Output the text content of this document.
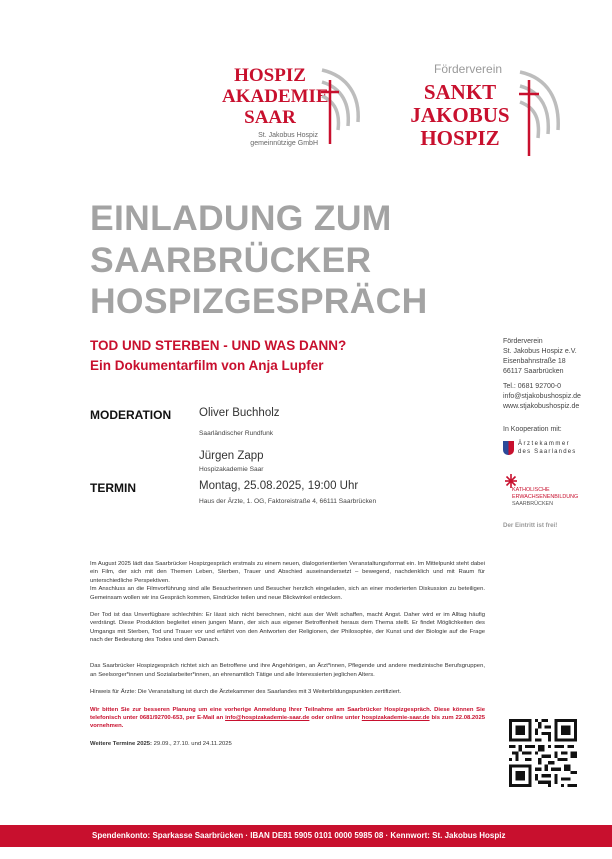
HOSPIZ
AKADEMIE
SAAR
St. Jakobus Hospiz
gemeinnützige GmbH
Förderverein
SANKT
JAKOBUS
HOSPIZ
EINLADUNG ZUM
SAARBRÜCKER
HOSPIZGESPRÄCH
TOD UND STERBEN - UND WAS DANN?
Ein Dokumentarfilm von Anja Lupfer
MODERATION Oliver Buchholz
Saarländischer Rundfunk
Jürgen Zapp
Hospizakademie Saar
TERMIN	Montag, 25.08.2025, 19:00 Uhr
Haus der Ärzte, 1. OG, Faktoreistraße 4, 66111 Saarbrücken
Förderverein
St. Jakobus Hospiz e.V.
Eisenbahnstraße 18
66117 Saarbrücken
Tel.: 0681 92700-0
info@stjakobushospiz.de
www.stjakobushospiz.de
In Kooperation mit:
Ärztekammer
des Saarlandes
KATHOLISCHE
ERWACHSENENBILDUNG
SAARBRÜCKEN
Der Eintritt ist frei!

Im August 2025 lädt das Saarbrücker Hospizgespräch erstmals zu einem neuen, dialogorientierten Veranstaltungsformat ein. Im Mittelpunkt steht dabei ein Film, der sich mit den Themen Leben, Sterben, Trauer und Abschied auseinandersetzt – bewegend, nachdenklich und mit Raum für unterschiedliche Perspektiven.

Im Anschluss an die Filmvorführung sind alle Besucherinnen und Besucher herzlich eingeladen, sich an einer moderierten Diskussion zu beteiligen. Gemeinsam wollen wir ins Gespräch kommen, Eindrücke teilen und neue Blickwinkel entdecken.

Der Tod ist das Unverfügbare schlechthin: Er lässt sich nicht berechnen, nicht aus der Welt schaffen, macht Angst. Daher wird er im Alltag häufig verdrängt. Diese Produktion begleitet einen jungen Mann, der sich aus eigener Betroffenheit heraus dem Thema stellt. Er findet Möglichkeiten des Umgangs mit Sterben, Tod und Trauer vor und erfährt von den Antworten der Religionen, der Philosophie, der Kunst und der Biologie auf die Frage nach der Bedeutung des Todes und dem Danach.

Das Saarbrücker Hospizgespräch richtet sich an Betroffene und ihre Angehörigen, an Ärzt*innen, Pflegende und andere medizinische Berufsgruppen, an Seelsorger*innen und Sozialarbeiter*innen, an ehrenamtlich Tätige und alle Interessierten jeglichen Alters.

Hinweis für Ärzte: Die Veranstaltung ist durch die Ärztekammer des Saarlandes mit 3 Weiterbildungspunkten zertifiziert.

Wir bitten Sie zur besseren Planung um eine vorherige Anmeldung Ihrer Teilnahme am Saarbrücker Hospizgespräch. Diese können Sie telefonisch unter 0681/92700-653, per E-Mail an info@hospizakademie-saar.de oder online unter hospizakademie-saar.de bis zum 22.08.2025 vornehmen.

Weitere Termine 2025: 29.09., 27.10. und 24.11.2025

Spendenkonto: Sparkasse Saarbrücken · IBAN DE81 5905 0101 0000 5985 08 · Kennwort: St. Jakobus Hospiz
